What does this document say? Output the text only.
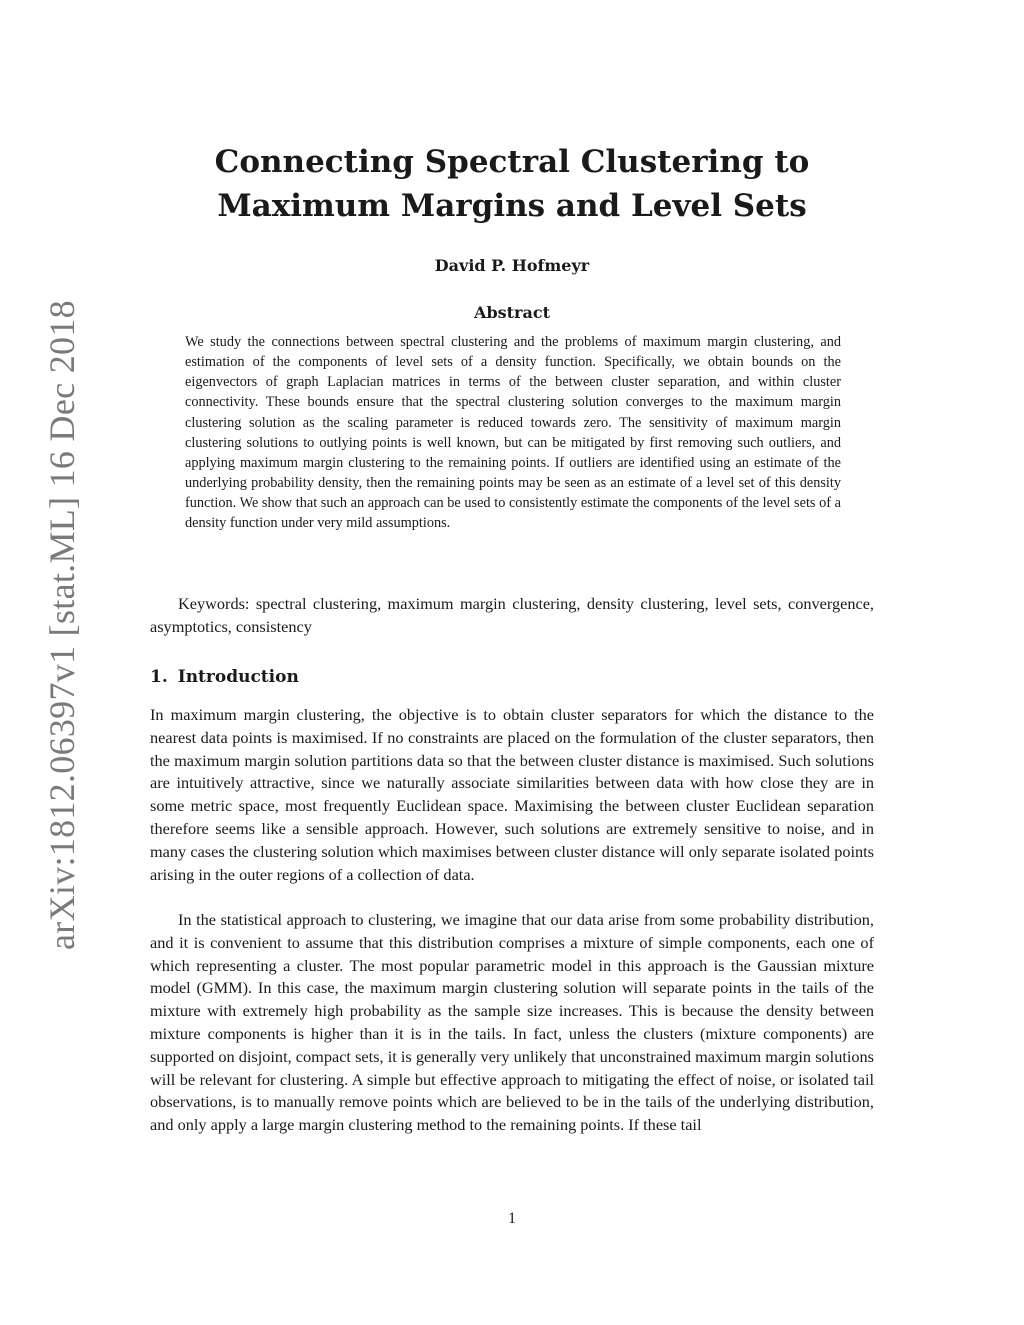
arXiv:1812.06397v1 [stat.ML] 16 Dec 2018
Connecting Spectral Clustering to
Maximum Margins and Level Sets
David P. Hofmeyr
Abstract
We study the connections between spectral clustering and the problems of maximum margin clustering, and estimation of the components of level sets of a density function. Specifically, we obtain bounds on the eigenvectors of graph Laplacian matrices in terms of the between cluster separation, and within cluster connectivity. These bounds ensure that the spectral clustering solution converges to the maximum margin clustering solution as the scaling parameter is reduced towards zero. The sensitivity of maximum margin clustering solutions to outlying points is well known, but can be mitigated by first removing such outliers, and applying maximum margin clustering to the remaining points. If outliers are identified using an estimate of the underlying probability density, then the remaining points may be seen as an estimate of a level set of this density function. We show that such an approach can be used to consistently estimate the components of the level sets of a density function under very mild assumptions.
Keywords: spectral clustering, maximum margin clustering, density clustering, level sets, convergence, asymptotics, consistency
1. Introduction

In maximum margin clustering, the objective is to obtain cluster separators for which the distance to the nearest data points is maximised. If no constraints are placed on the formulation of the cluster separators, then the maximum margin solution partitions data so that the between cluster distance is maximised. Such solutions are intuitively attractive, since we naturally associate similarities between data with how close they are in some metric space, most frequently Euclidean space. Maximising the between cluster Euclidean separation therefore seems like a sensible approach. However, such solutions are extremely sensitive to noise, and in many cases the clustering solution which maximises between cluster distance will only separate isolated points arising in the outer regions of a collection of data.

In the statistical approach to clustering, we imagine that our data arise from some probability distribution, and it is convenient to assume that this distribution comprises a mixture of simple components, each one of which representing a cluster. The most popular parametric model in this approach is the Gaussian mixture model (GMM). In this case, the maximum margin clustering solution will separate points in the tails of the mixture with extremely high probability as the sample size increases. This is because the density between mixture components is higher than it is in the tails. In fact, unless the clusters (mixture components) are supported on disjoint, compact sets, it is generally very unlikely that unconstrained maximum margin solutions will be relevant for clustering. A simple but effective approach to mitigating the effect of noise, or isolated tail observations, is to manually remove points which are believed to be in the tails of the underlying distribution, and only apply a large margin clustering method to the remaining points. If these tail

1
